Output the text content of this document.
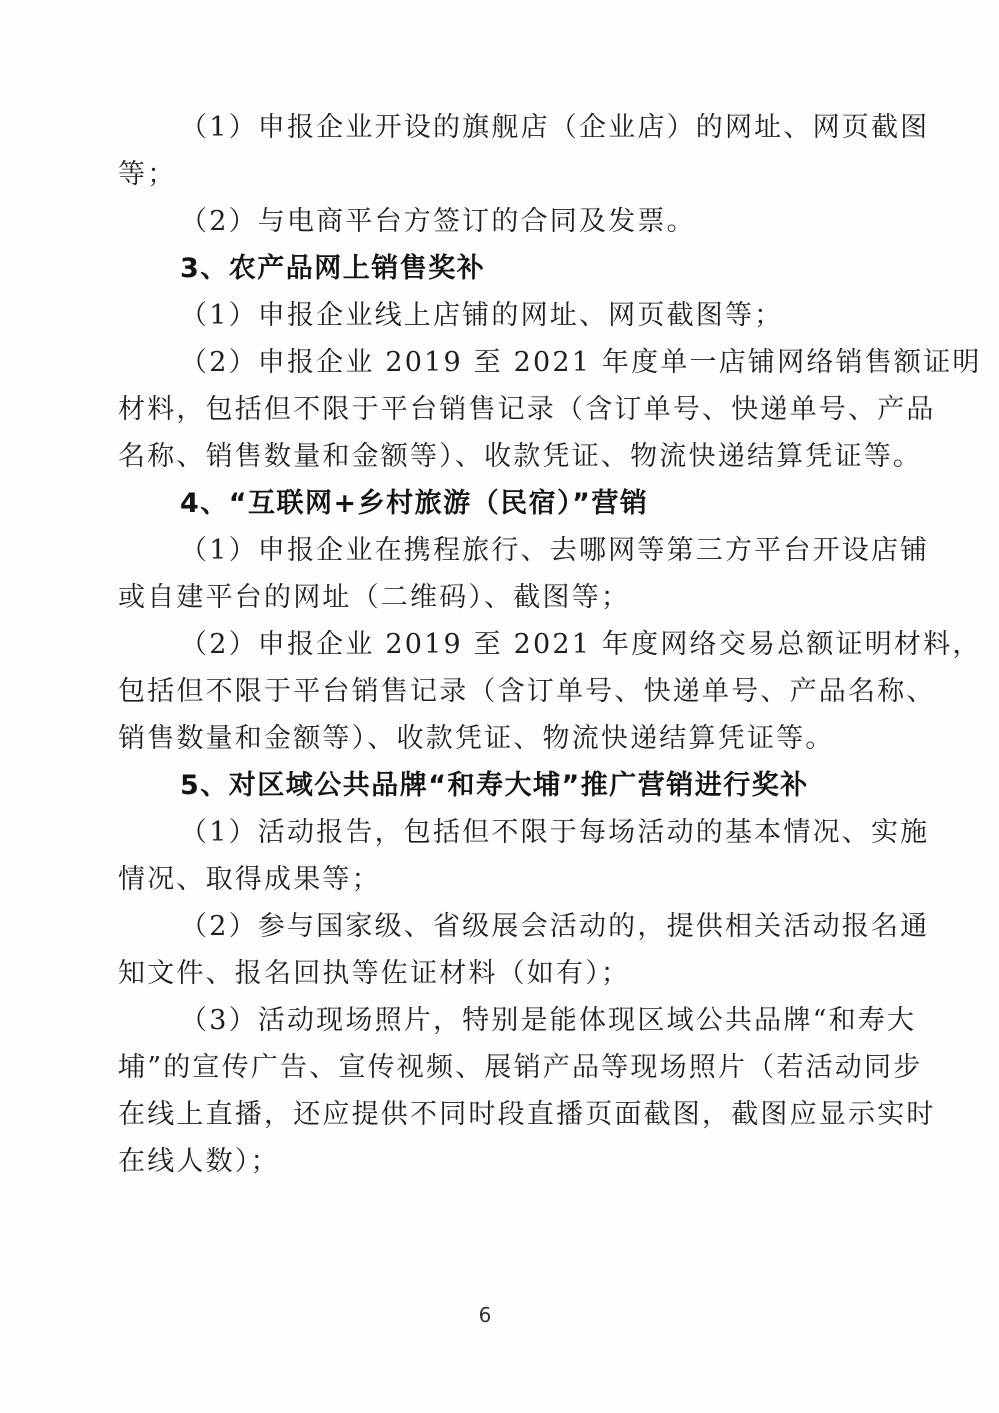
（1）申报企业开设的旗舰店（企业店）的网址、网页截图

等；

（2）与电商平台方签订的合同及发票。

3、农产品网上销售奖补

（1）申报企业线上店铺的网址、网页截图等；

（2）申报企业 2019 至 2021 年度单一店铺网络销售额证明

材料，包括但不限于平台销售记录（含订单号、快递单号、产品

名称、销售数量和金额等）、收款凭证、物流快递结算凭证等。

4、“互联网+乡村旅游（民宿）”营销

（1）申报企业在携程旅行、去哪网等第三方平台开设店铺

或自建平台的网址（二维码）、截图等；

（2）申报企业 2019 至 2021 年度网络交易总额证明材料，

包括但不限于平台销售记录（含订单号、快递单号、产品名称、

销售数量和金额等）、收款凭证、物流快递结算凭证等。

5、对区域公共品牌“和寿大埔”推广营销进行奖补

（1）活动报告，包括但不限于每场活动的基本情况、实施

情况、取得成果等；

（2）参与国家级、省级展会活动的，提供相关活动报名通

知文件、报名回执等佐证材料（如有）；

（3）活动现场照片，特别是能体现区域公共品牌“和寿大

埔”的宣传广告、宣传视频、展销产品等现场照片（若活动同步

在线上直播，还应提供不同时段直播页面截图，截图应显示实时

在线人数）；

6
